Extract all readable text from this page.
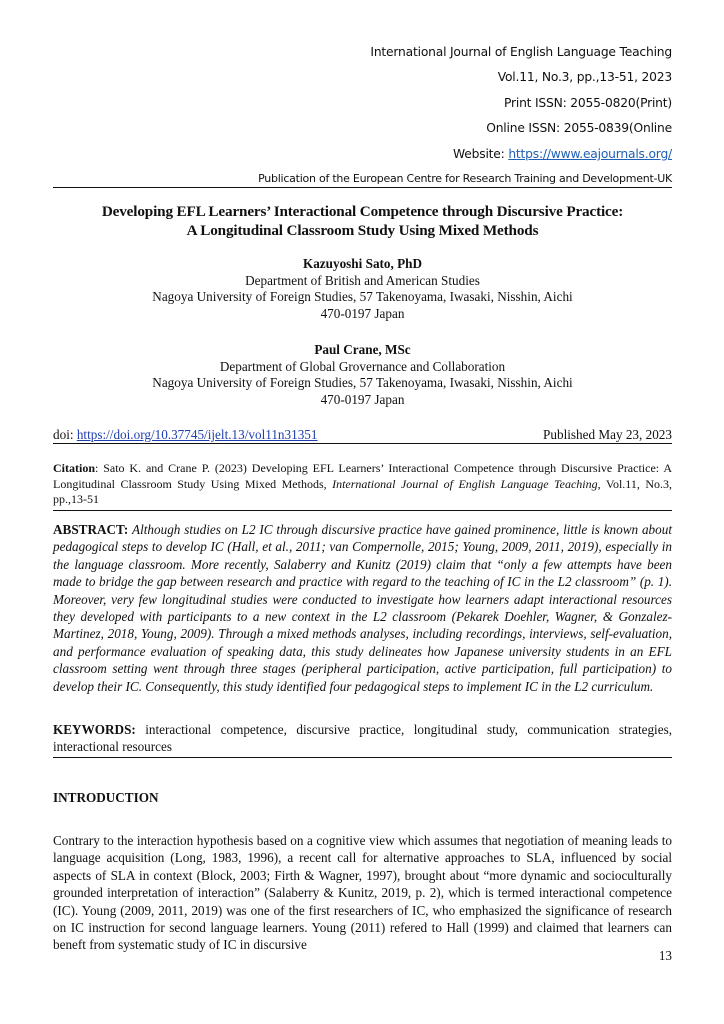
International Journal of English Language Teaching
Vol.11, No.3, pp.,13-51, 2023
Print ISSN: 2055-0820(Print)
Online ISSN: 2055-0839(Online
Website: https://www.eajournals.org/
Publication of the European Centre for Research Training and Development-UK
Developing EFL Learners’ Interactional Competence through Discursive Practice:
A Longitudinal Classroom Study Using Mixed Methods
Kazuyoshi Sato, PhD
Department of British and American Studies
Nagoya University of Foreign Studies, 57 Takenoyama, Iwasaki, Nisshin, Aichi
470-0197 Japan
Paul Crane, MSc
Department of Global Grovernance and Collaboration
Nagoya University of Foreign Studies, 57 Takenoyama, Iwasaki, Nisshin, Aichi
470-0197 Japan
doi: https://doi.org/10.37745/ijelt.13/vol11n31351	Published May 23, 2023
Citation: Sato K. and Crane P. (2023) Developing EFL Learners’ Interactional Competence through Discursive Practice: A Longitudinal Classroom Study Using Mixed Methods, International Journal of English Language Teaching, Vol.11, No.3, pp.,13-51
ABSTRACT: Although studies on L2 IC through discursive practice have gained prominence, little is known about pedagogical steps to develop IC (Hall, et al., 2011; van Compernolle, 2015; Young, 2009, 2011, 2019), especially in the language classroom. More recently, Salaberry and Kunitz (2019) claim that “only a few attempts have been made to bridge the gap between research and practice with regard to the teaching of IC in the L2 classroom” (p. 1). Moreover, very few longitudinal studies were conducted to investigate how learners adapt interactional resources they developed with participants to a new context in the L2 classroom (Pekarek Doehler, Wagner, & Gonzalez-Martinez, 2018, Young, 2009). Through a mixed methods analyses, including recordings, interviews, self-evaluation, and performance evaluation of speaking data, this study delineates how Japanese university students in an EFL classroom setting went through three stages (peripheral participation, active participation, full participation) to develop their IC. Consequently, this study identified four pedagogical steps to implement IC in the L2 curriculum.
KEYWORDS: interactional competence, discursive practice, longitudinal study, communication strategies, interactional resources
INTRODUCTION
Contrary to the interaction hypothesis based on a cognitive view which assumes that negotiation of meaning leads to language acquisition (Long, 1983, 1996), a recent call for alternative approaches to SLA, influenced by social aspects of SLA in context (Block, 2003; Firth & Wagner, 1997), brought about “more dynamic and socioculturally grounded interpretation of interaction” (Salaberry & Kunitz, 2019, p. 2), which is termed interactional competence (IC). Young (2009, 2011, 2019) was one of the first researchers of IC, who emphasized the significance of research on IC instruction for second language learners. Young (2011) refered to Hall (1999) and claimed that learners can beneft from systematic study of IC in discursive
13
